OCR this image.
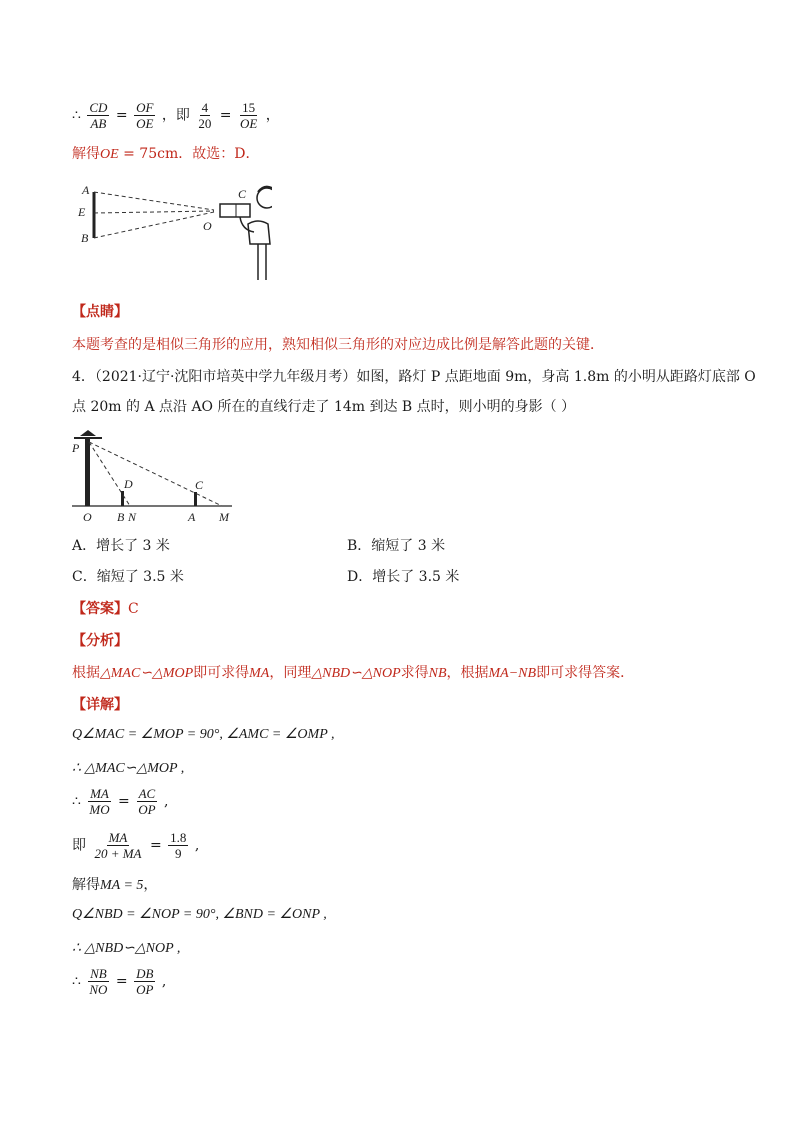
∴ $\frac{CD}{AB} = \frac{OF}{OE}$ ，即 $\frac{4}{20} = \frac{15}{OE}$ ，
解得OE = 75cm．故选：D．
A
E
B
C
O
【点睛】
本题考查的是相似三角形的应用，熟知相似三角形的对应边成比例是解答此题的关键．
4．（2021·辽宁·沈阳市培英中学九年级月考）如图，路灯 P 点距地面 9m，身高 1.8m 的小明从距路灯底部 O
点 20m 的 A 点沿 AO 所在的直线行走了 14m 到达 B 点时，则小明的身影（ ）
P
D	C
O B N	A M
A．增长了 3 米	B．缩短了 3 米
C．缩短了 3.5 米	D．增长了 3.5 米
【答案】C
【分析】
根据△MAC∽△MOP即可求得MA，同理△NBD∽△NOP求得NB，根据MA−NB即可求得答案．
【详解】
Q∠MAC = ∠MOP = 90°, ∠AMC = ∠OMP ,
∴ △MAC∽△MOP ,
∴ $\frac{MA}{MO} = \frac{AC}{OP}$ ,
即 $\frac{MA}{20 + MA} = \frac{1.8}{9}$ ,
解得MA = 5，
Q∠NBD = ∠NOP = 90°, ∠BND = ∠ONP ,
∴ △NBD∽△NOP ,
∴ $\frac{NB}{NO} = \frac{DB}{OP}$ ,
